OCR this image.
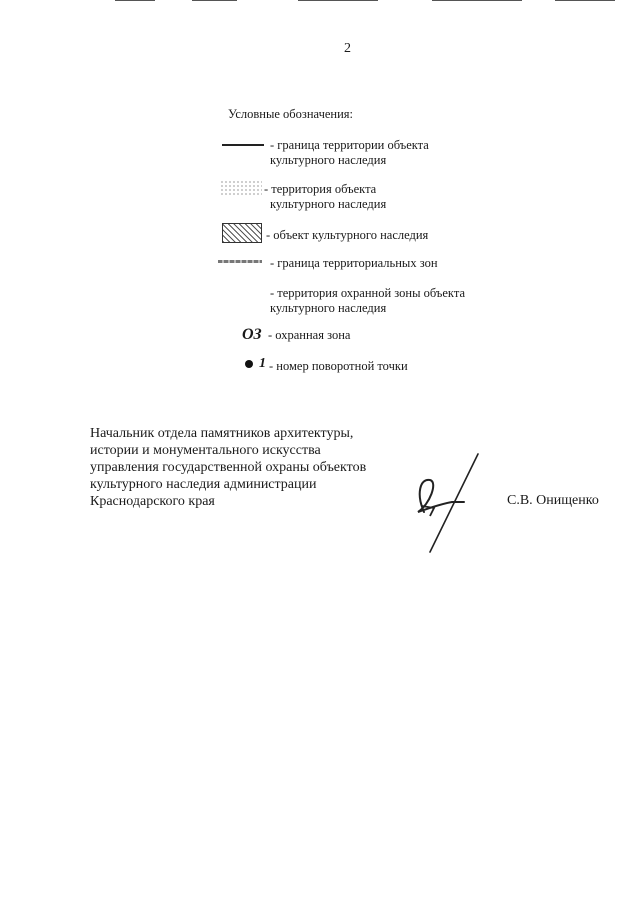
2
Условные обозначения:
- граница территории объекта
культурного наследия
- территория объекта
культурного наследия
- объект культурного наследия
- граница территориальных зон
- территория охранной зоны объекта
культурного наследия
ОЗ - охранная зона
1 - номер поворотной точки
Начальник отдела памятников архитектуры,
истории и монументального искусства
управления государственной охраны объектов
культурного наследия администрации
Краснодарского края	С.В. Онищенко
